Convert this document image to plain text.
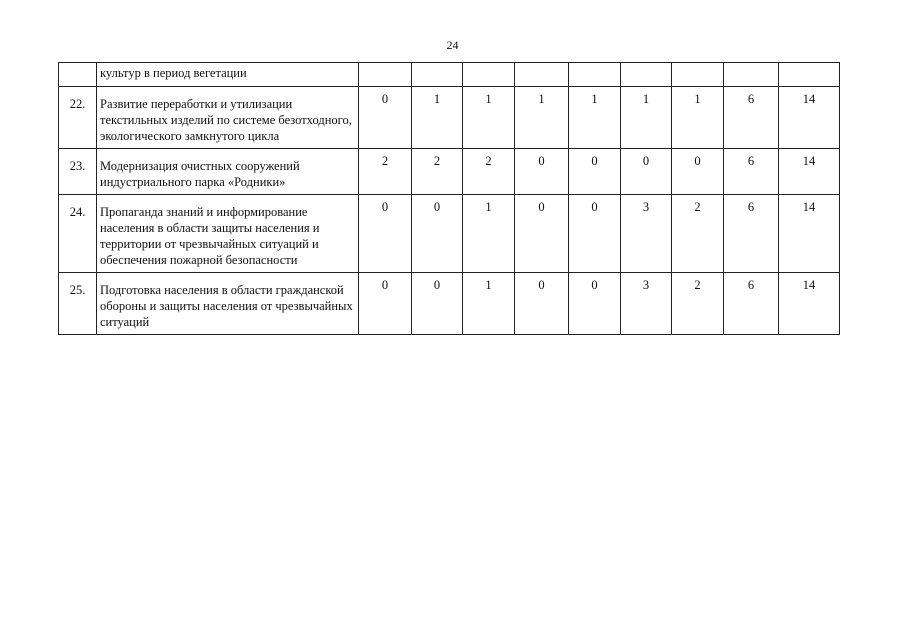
24
	культур в период вегетации									
22.	Развитие переработки и утилизации текстильных изделий по системе безотходного, экологического замкнутого цикла	0	1	1	1	1	1	1	6	14
23.	Модернизация очистных сооружений индустриального парка «Родники»	2	2	2	0	0	0	0	6	14
24.	Пропаганда знаний и информирование населения в области защиты населения и территории от чрезвычайных ситуаций и обеспечения пожарной безопасности	0	0	1	0	0	3	2	6	14
25.	Подготовка населения в области гражданской обороны и защиты населения от чрезвычайных ситуаций	0	0	1	0	0	3	2	6	14
